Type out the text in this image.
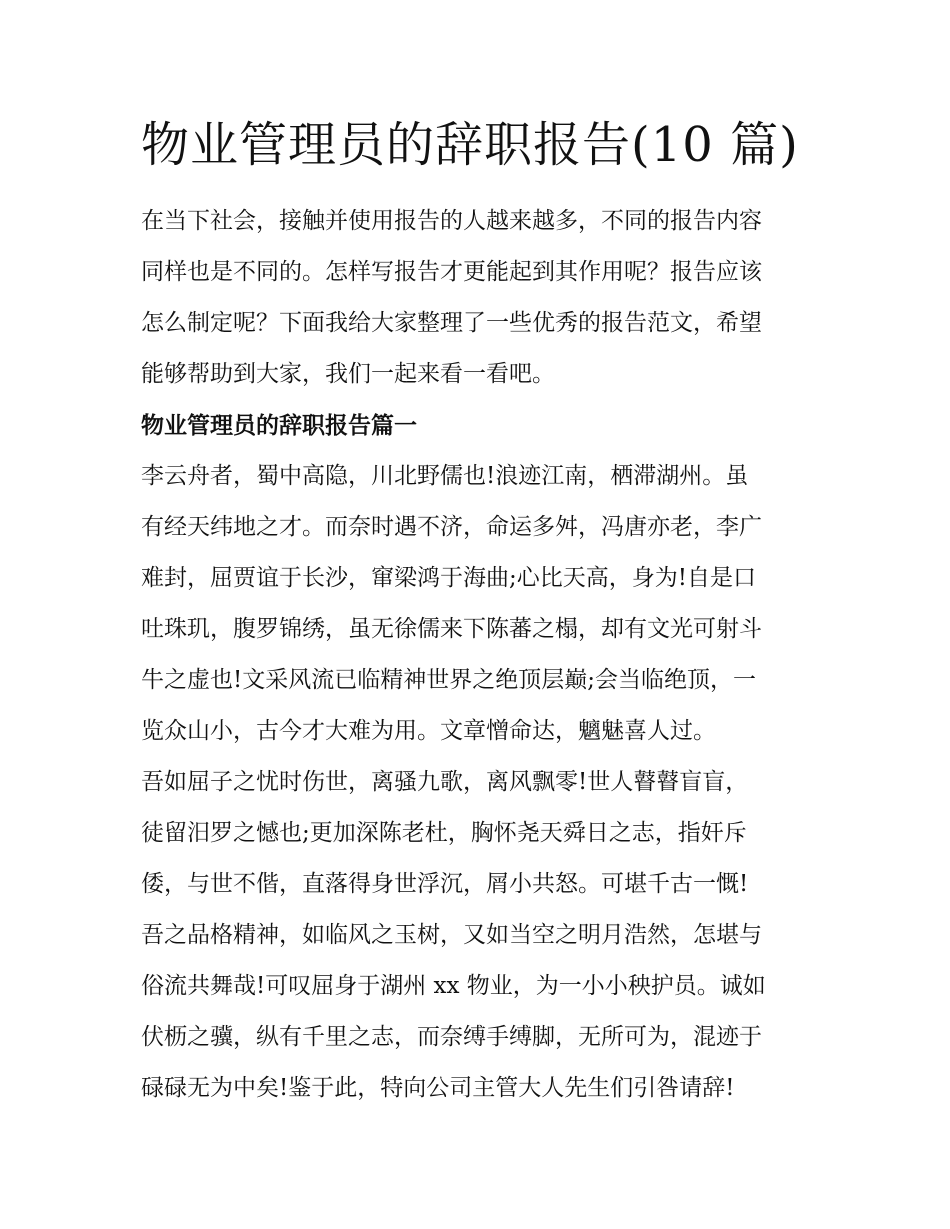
物业管理员的辞职报告(10 篇)

在当下社会，接触并使用报告的人越来越多，不同的报告内容
同样也是不同的。怎样写报告才更能起到其作用呢？报告应该
怎么制定呢？下面我给大家整理了一些优秀的报告范文，希望
能够帮助到大家，我们一起来看一看吧。

物业管理员的辞职报告篇一

李云舟者，蜀中高隐，川北野儒也!浪迹江南，栖滞湖州。虽
有经天纬地之才。而奈时遇不济，命运多舛，冯唐亦老，李广
难封，屈贾谊于长沙，窜梁鸿于海曲;心比天高，身为!自是口
吐珠玑，腹罗锦绣，虽无徐儒来下陈蕃之榻，却有文光可射斗
牛之虚也!文采风流已临精神世界之绝顶层巅;会当临绝顶，一
览众山小，古今才大难为用。文章憎命达，魑魅喜人过。

吾如屈子之忧时伤世，离骚九歌，离风飘零!世人瞽瞽盲盲，
徒留汨罗之憾也;更加深陈老杜，胸怀尧天舜日之志，指奸斥
倭，与世不偕，直落得身世浮沉，屑小共怒。可堪千古一慨!
吾之品格精神，如临风之玉树，又如当空之明月浩然，怎堪与
俗流共舞哉!可叹屈身于湖州 xx 物业，为一小小秧护员。诚如
伏枥之骥，纵有千里之志，而奈缚手缚脚，无所可为，混迹于
碌碌无为中矣!鉴于此，特向公司主管大人先生们引咎请辞!
